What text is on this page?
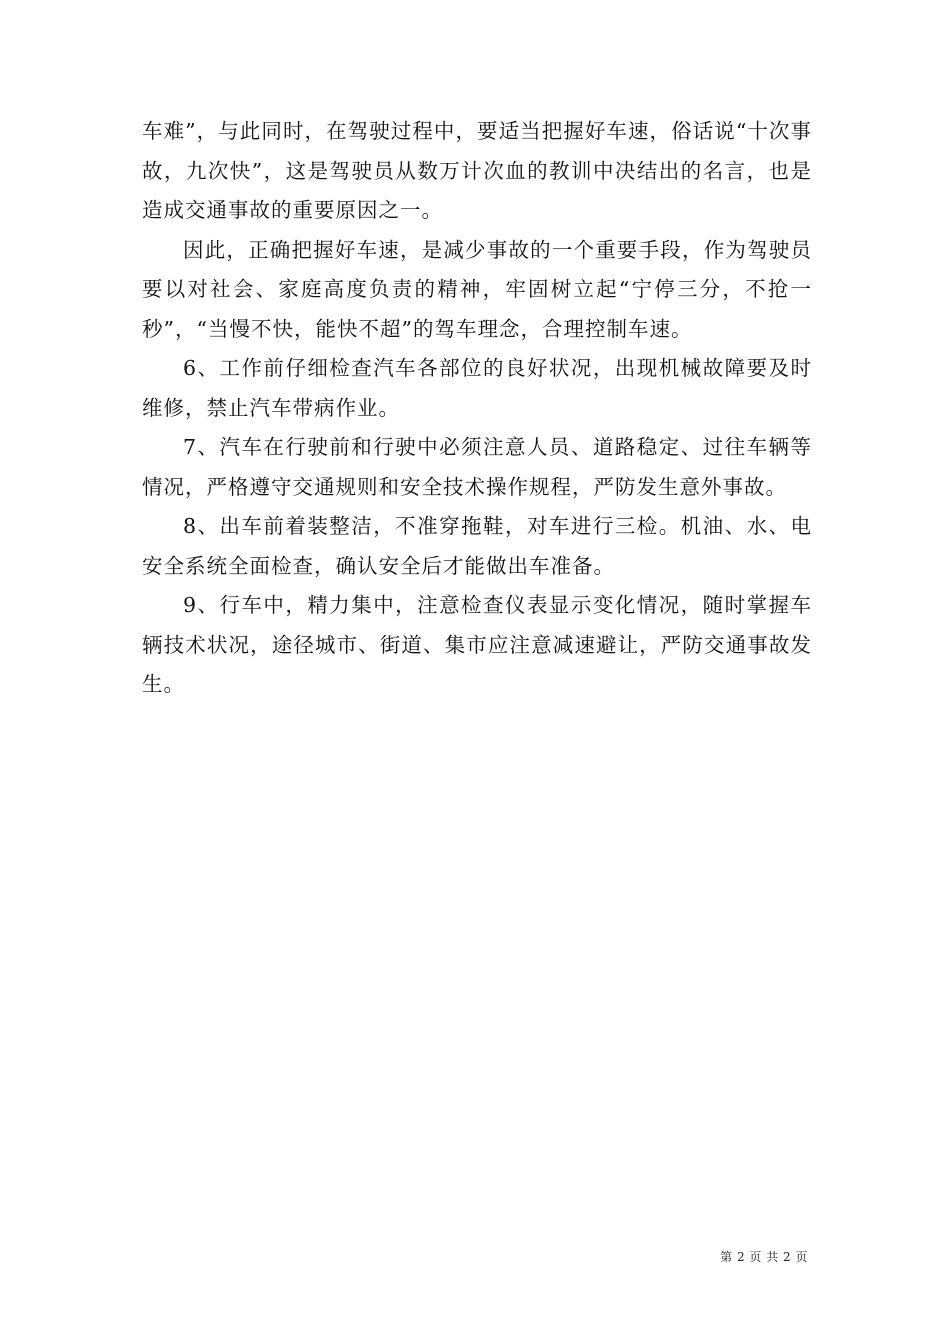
车难”，与此同时，在驾驶过程中，要适当把握好车速，俗话说“十次事故，九次快”，这是驾驶员从数万计次血的教训中决结出的名言，也是造成交通事故的重要原因之一。

因此，正确把握好车速，是减少事故的一个重要手段，作为驾驶员要以对社会、家庭高度负责的精神，牢固树立起“宁停三分，不抢一秒”，“当慢不快，能快不超”的驾车理念，合理控制车速。

6、工作前仔细检查汽车各部位的良好状况，出现机械故障要及时维修，禁止汽车带病作业。

7、汽车在行驶前和行驶中必须注意人员、道路稳定、过往车辆等情况，严格遵守交通规则和安全技术操作规程，严防发生意外事故。

8、出车前着装整洁，不准穿拖鞋，对车进行三检。机油、水、电安全系统全面检查，确认安全后才能做出车准备。

9、行车中，精力集中，注意检查仪表显示变化情况，随时掌握车辆技术状况，途径城市、街道、集市应注意减速避让，严防交通事故发生。

第 2 页 共 2 页
